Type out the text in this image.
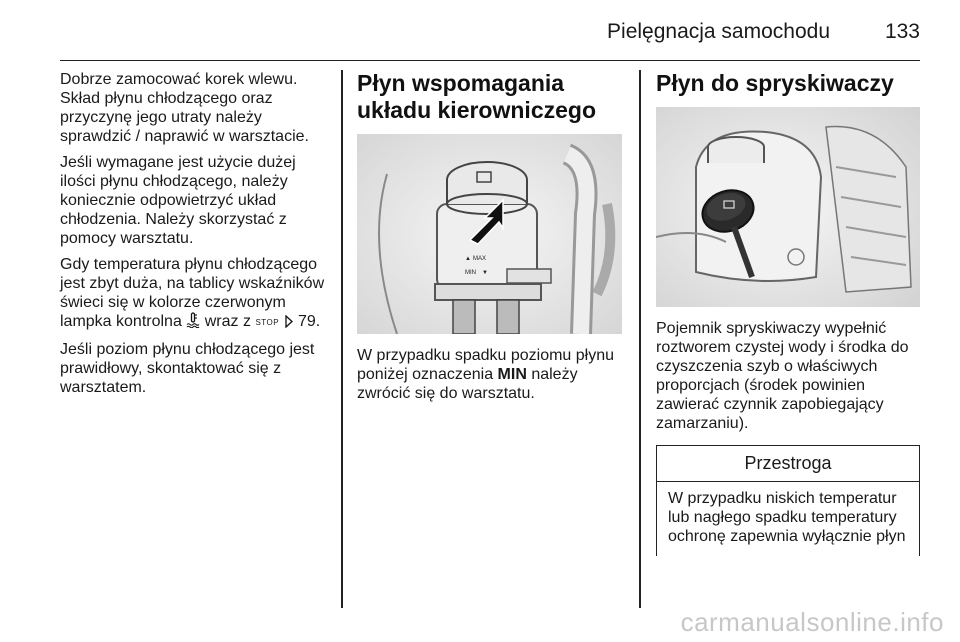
Pielęgnacja samochodu	133

Dobrze zamocować korek wlewu. Skład płynu chłodzącego oraz przyczynę jego utraty należy sprawdzić / naprawić w warsztacie.

Jeśli wymagane jest użycie dużej ilości płynu chłodzącego, należy koniecznie odpowietrzyć układ chłodzenia. Należy skorzystać z pomocy warsztatu.

Gdy temperatura płynu chłodzącego jest zbyt duża, na tablicy wskaźników świeci się w kolorze czerwonym lampka kontrolna wraz z STOP 79.

Jeśli poziom płynu chłodzącego jest prawidłowy, skontaktować się z warsztatem.

Płyn wspomagania układu kierowniczego
▲ MAX
MIN ▼

W przypadku spadku poziomu płynu poniżej oznaczenia MIN należy zwrócić się do warsztatu.

Płyn do spryskiwaczy

Pojemnik spryskiwaczy wypełnić roztworem czystej wody i środka do czyszczenia szyb o właściwych proporcjach (środek powinien zawierać czynnik zapobiegający zamarzaniu).

Przestroga
W przypadku niskich temperatur lub nagłego spadku temperatury ochronę zapewnia wyłącznie płyn
carmanualsonline.info
